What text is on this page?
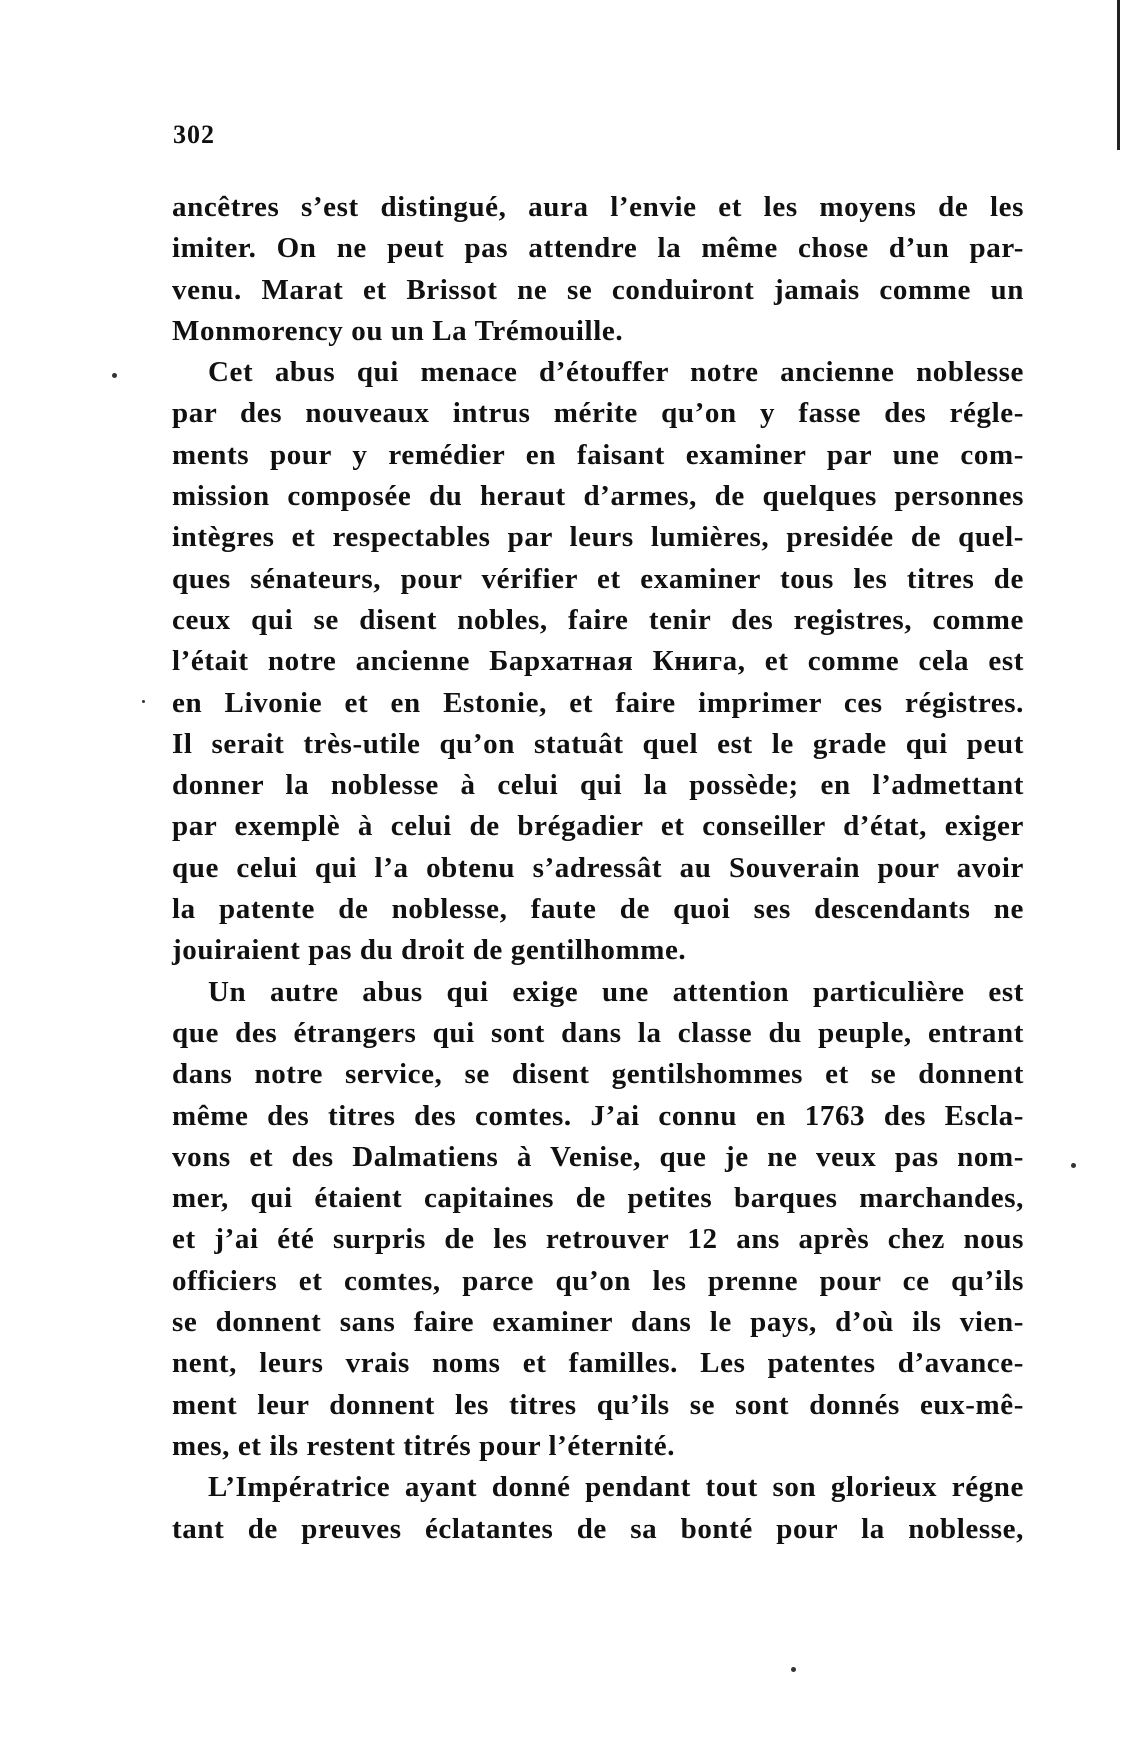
302
ancêtres s’est distingué, aura l’envie et les moyens de les
imiter. On ne peut pas attendre la même chose d’un par-
venu. Marat et Brissot ne se conduiront jamais comme un
Monmorency ou un La Trémouille.
Cet abus qui menace d’étouffer notre ancienne noblesse
par des nouveaux intrus mérite qu’on y fasse des régle-
ments pour y remédier en faisant examiner par une com-
mission composée du heraut d’armes, de quelques personnes
intègres et respectables par leurs lumières, presidée de quel-
ques sénateurs, pour vérifier et examiner tous les titres de
ceux qui se disent nobles, faire tenir des registres, comme
l’était notre ancienne Бархатная Книга, et comme cela est
en Livonie et en Estonie, et faire imprimer ces régistres.
Il serait très-utile qu’on statuât quel est le grade qui peut
donner la noblesse à celui qui la possède; en l’admettant
par exemplè à celui de brégadier et conseiller d’état, exiger
que celui qui l’a obtenu s’adressât au Souverain pour avoir
la patente de noblesse, faute de quoi ses descendants ne
jouiraient pas du droit de gentilhomme.
Un autre abus qui exige une attention particulière est
que des étrangers qui sont dans la classe du peuple, entrant
dans notre service, se disent gentilshommes et se donnent
même des titres des comtes. J’ai connu en 1763 des Escla-
vons et des Dalmatiens à Venise, que je ne veux pas nom-
mer, qui étaient capitaines de petites barques marchandes,
et j’ai été surpris de les retrouver 12 ans après chez nous
officiers et comtes, parce qu’on les prenne pour ce qu’ils
se donnent sans faire examiner dans le pays, d’où ils vien-
nent, leurs vrais noms et familles. Les patentes d’avance-
ment leur donnent les titres qu’ils se sont donnés eux-mê-
mes, et ils restent titrés pour l’éternité.
L’Impératrice ayant donné pendant tout son glorieux régne
tant de preuves éclatantes de sa bonté pour la noblesse,
